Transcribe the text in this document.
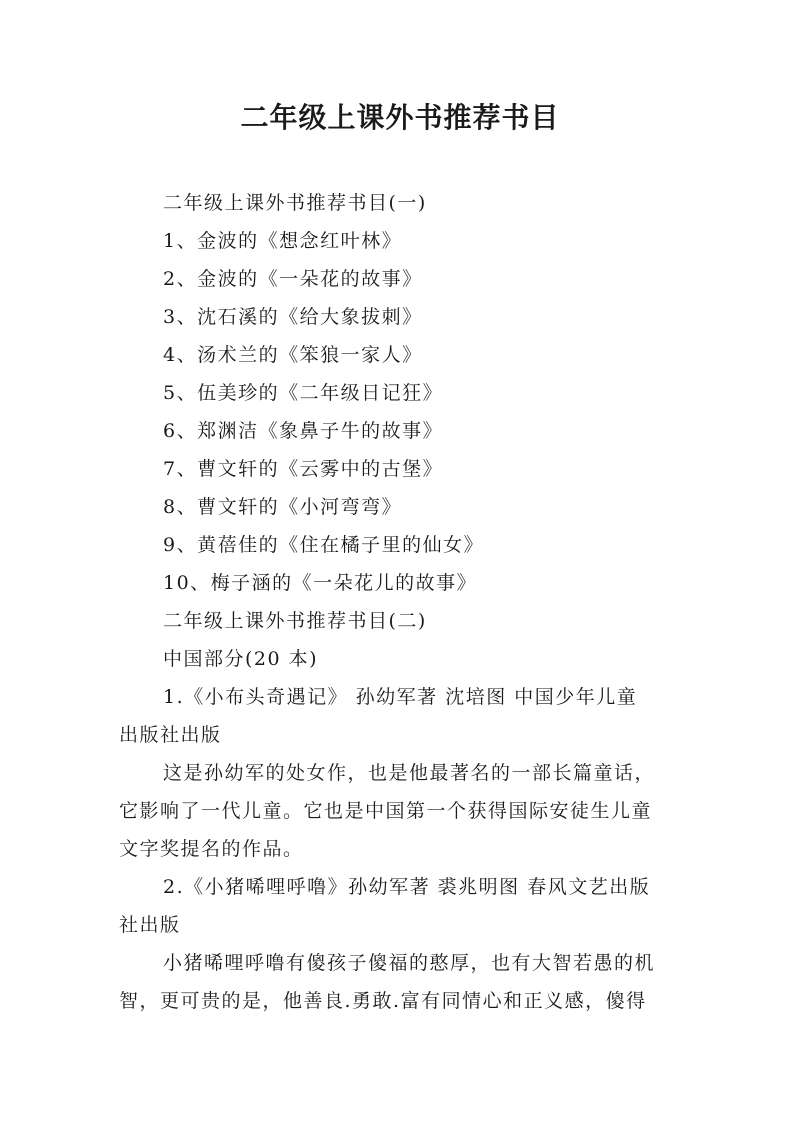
二年级上课外书推荐书目
二年级上课外书推荐书目(一)
1、金波的《想念红叶林》
2、金波的《一朵花的故事》
3、沈石溪的《给大象拔刺》
4、汤术兰的《笨狼一家人》
5、伍美珍的《二年级日记狂》
6、郑渊洁《象鼻子牛的故事》
7、曹文轩的《云雾中的古堡》
8、曹文轩的《小河弯弯》
9、黄蓓佳的《住在橘子里的仙女》
10、梅子涵的《一朵花儿的故事》
二年级上课外书推荐书目(二)
中国部分(20 本)
1.《小布头奇遇记》 孙幼军著 沈培图 中国少年儿童
出版社出版
这是孙幼军的处女作，也是他最著名的一部长篇童话，
它影响了一代儿童。它也是中国第一个获得国际安徒生儿童
文字奖提名的作品。
2.《小猪唏哩呼噜》孙幼军著 裘兆明图 春风文艺出版
社出版
小猪唏哩呼噜有傻孩子傻福的憨厚，也有大智若愚的机
智，更可贵的是，他善良.勇敢.富有同情心和正义感，傻得
